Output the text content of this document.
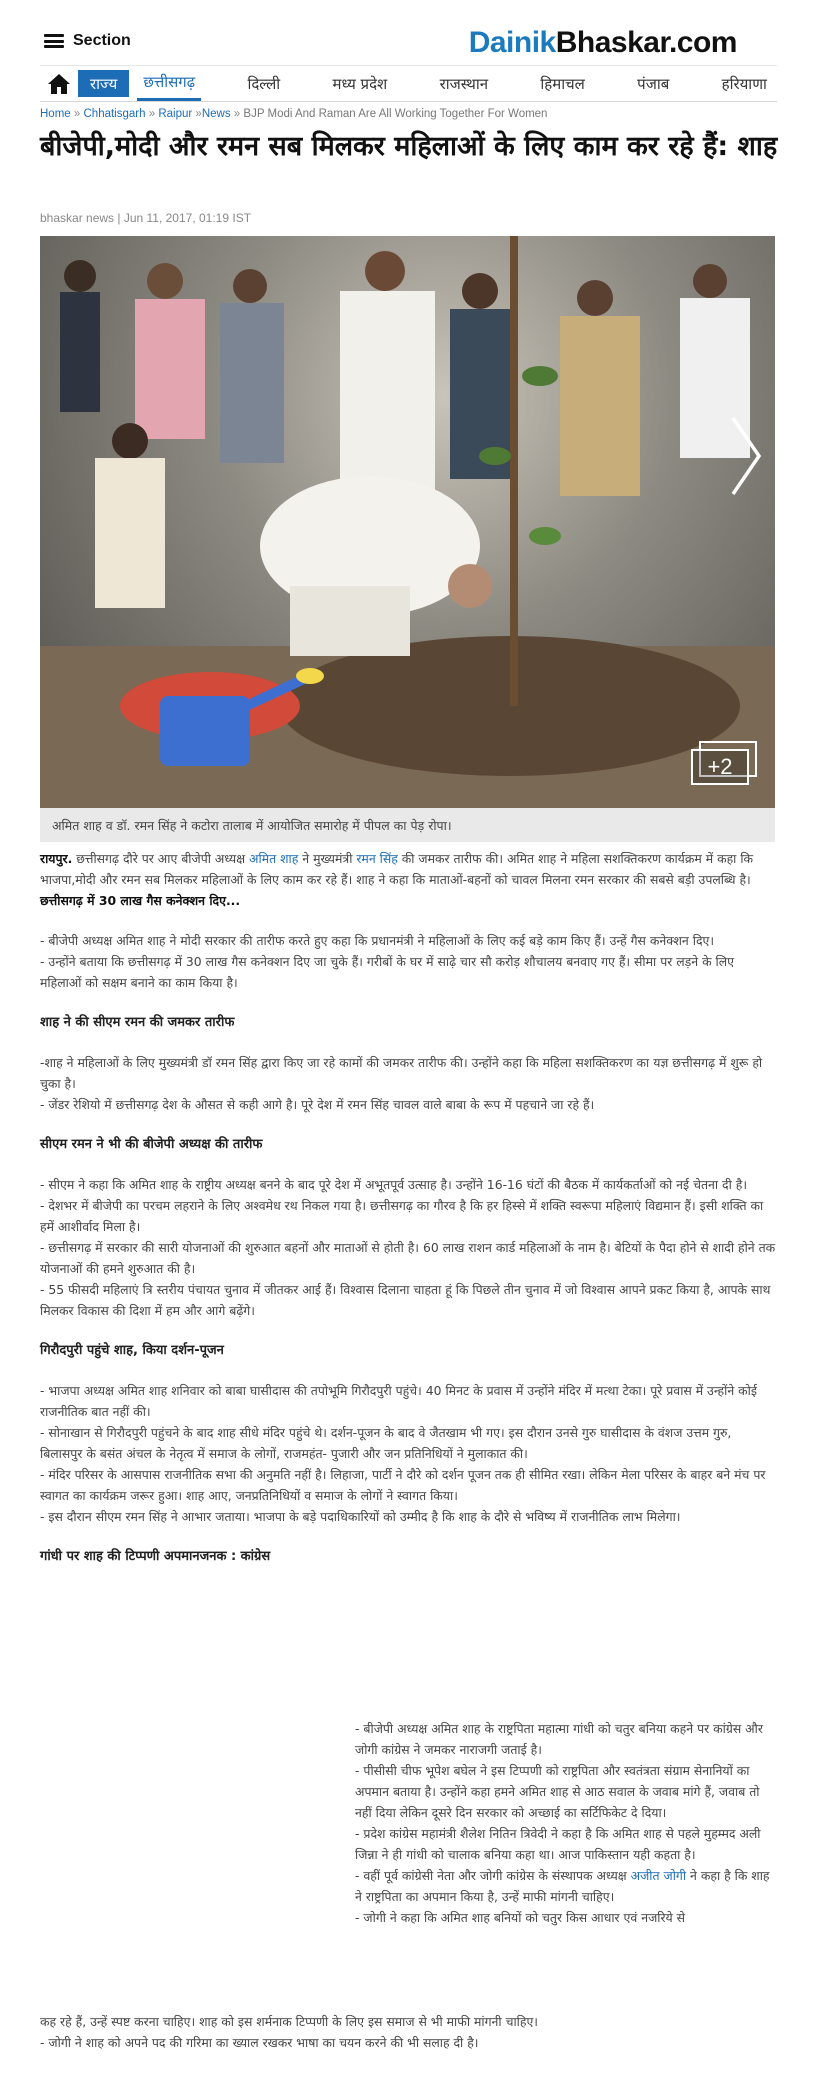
Section	DainikBhaskar.com
राज्य	छत्तीसगढ़	दिल्ली	मध्य प्रदेश	राजस्थान	हिमाचल	पंजाब	हरियाणा
Home » Chhatisgarh » Raipur »News » BJP Modi And Raman Are All Working Together For Women
बीजेपी,मोदी और रमन सब मिलकर महिलाओं के लिए काम कर रहे हैं: शाह
bhaskar news | Jun 11, 2017, 01:19 IST
+2
अमित शाह व डॉ. रमन सिंह ने कटोरा तालाब में आयोजित समारोह में पीपल का पेड़ रोपा।

रायपुर. छत्तीसगढ़ दौरे पर आए बीजेपी अध्यक्ष अमित शाह ने मुख्यमंत्री रमन सिंह की जमकर तारीफ की। अमित शाह ने महिला सशक्तिकरण कार्यक्रम में कहा कि भाजपा,मोदी और रमन सब मिलकर महिलाओं के लिए काम कर रहे हैं। शाह ने कहा कि माताओं-बहनों को चावल मिलना रमन सरकार की सबसे बड़ी उपलब्धि है। छत्तीसगढ़ में 30 लाख गैस कनेक्शन दिए...

- बीजेपी अध्यक्ष अमित शाह ने मोदी सरकार की तारीफ करते हुए कहा कि प्रधानमंत्री ने महिलाओं के लिए कई बड़े काम किए हैं। उन्हें गैस कनेक्शन दिए।

- उन्होंने बताया कि छत्तीसगढ़ में 30 लाख गैस कनेक्शन दिए जा चुके हैं। गरीबों के घर में साढ़े चार सौ करोड़ शौचालय बनवाए गए हैं। सीमा पर लड़ने के लिए महिलाओं को सक्षम बनाने का काम किया है।

शाह ने की सीएम रमन की जमकर तारीफ

-शाह ने महिलाओं के लिए मुख्यमंत्री डॉ रमन सिंह द्वारा किए जा रहे कामों की जमकर तारीफ की। उन्होंने कहा कि महिला सशक्तिकरण का यज्ञ छत्तीसगढ़ में शुरू हो चुका है।

- जेंडर रेशियो में छत्तीसगढ़ देश के औसत से कही आगे है। पूरे देश में रमन सिंह चावल वाले बाबा के रूप में पहचाने जा रहे हैं।

सीएम रमन ने भी की बीजेपी अध्यक्ष की तारीफ

- सीएम ने कहा कि अमित शाह के राष्ट्रीय अध्यक्ष बनने के बाद पूरे देश में अभूतपूर्व उत्साह है। उन्होंने 16-16 घंटों की बैठक में कार्यकर्ताओं को नई चेतना दी है।

- देशभर में बीजेपी का परचम लहराने के लिए अश्वमेध रथ निकल गया है। छत्तीसगढ़ का गौरव है कि हर हिस्से में शक्ति स्वरूपा महिलाएं विद्यमान हैं। इसी शक्ति का हमें आशीर्वाद मिला है।

- छत्तीसगढ़ में सरकार की सारी योजनाओं की शुरुआत बहनों और माताओं से होती है। 60 लाख राशन कार्ड महिलाओं के नाम है। बेटियों के पैदा होने से शादी होने तक योजनाओं की हमने शुरुआत की है।

- 55 फीसदी महिलाएं त्रि स्तरीय पंचायत चुनाव में जीतकर आई हैं। विश्वास दिलाना चाहता हूं कि पिछले तीन चुनाव में जो विश्वास आपने प्रकट किया है, आपके साथ मिलकर विकास की दिशा में हम और आगे बढ़ेंगे।

गिरौदपुरी पहुंचे शाह, किया दर्शन-पूजन

- भाजपा अध्यक्ष अमित शाह शनिवार को बाबा घासीदास की तपोभूमि गिरौदपुरी पहुंचे। 40 मिनट के प्रवास में उन्होंने मंदिर में मत्था टेका। पूरे प्रवास में उन्होंने कोई राजनीतिक बात नहीं की।

- सोनाखान से गिरौदपुरी पहुंचने के बाद शाह सीधे मंदिर पहुंचे थे। दर्शन-पूजन के बाद वे जैतखाम भी गए। इस दौरान उनसे गुरु घासीदास के वंशज उत्तम गुरु, बिलासपुर के बसंत अंचल के नेतृत्व में समाज के लोगों, राजमहंत- पुजारी और जन प्रतिनिधियों ने मुलाकात की।

- मंदिर परिसर के आसपास राजनीतिक सभा की अनुमति नहीं है। लिहाजा, पार्टी ने दौरे को दर्शन पूजन तक ही सीमित रखा। लेकिन मेला परिसर के बाहर बने मंच पर स्वागत का कार्यक्रम जरूर हुआ। शाह आए, जनप्रतिनिधियों व समाज के लोगों ने स्वागत किया।

- इस दौरान सीएम रमन सिंह ने आभार जताया। भाजपा के बड़े पदाधिकारियों को उम्मीद है कि शाह के दौरे से भविष्य में राजनीतिक लाभ मिलेगा।

गांधी पर शाह की टिप्पणी अपमानजनक : कांग्रेस

- बीजेपी अध्यक्ष अमित शाह के राष्ट्रपिता महात्मा गांधी को चतुर बनिया कहने पर कांग्रेस और जोगी कांग्रेस ने जमकर नाराजगी जताई है।

- पीसीसी चीफ भूपेश बघेल ने इस टिप्पणी को राष्ट्रपिता और स्वतंत्रता संग्राम सेनानियों का अपमान बताया है। उन्होंने कहा हमने अमित शाह से आठ सवाल के जवाब मांगे हैं, जवाब तो नहीं दिया लेकिन दूसरे दिन सरकार को अच्छाई का सर्टिफिकेट दे दिया।

- प्रदेश कांग्रेस महामंत्री शैलेश नितिन त्रिवेदी ने कहा है कि अमित शाह से पहले मुहम्मद अली जिन्ना ने ही गांधी को चालाक बनिया कहा था। आज पाकिस्तान यही कहता है।

- वहीं पूर्व कांग्रेसी नेता और जोगी कांग्रेस के संस्थापक अध्यक्ष अजीत जोगी ने कहा है कि शाह ने राष्ट्रपिता का अपमान किया है, उन्हें माफी मांगनी चाहिए।

- जोगी ने कहा कि अमित शाह बनियों को चतुर किस आधार एवं नजरिये से

कह रहे हैं, उन्हें स्पष्ट करना चाहिए। शाह को इस शर्मनाक टिप्पणी के लिए इस समाज से भी माफी मांगनी चाहिए।

- जोगी ने शाह को अपने पद की गरिमा का ख्याल रखकर भाषा का चयन करने की भी सलाह दी है।
